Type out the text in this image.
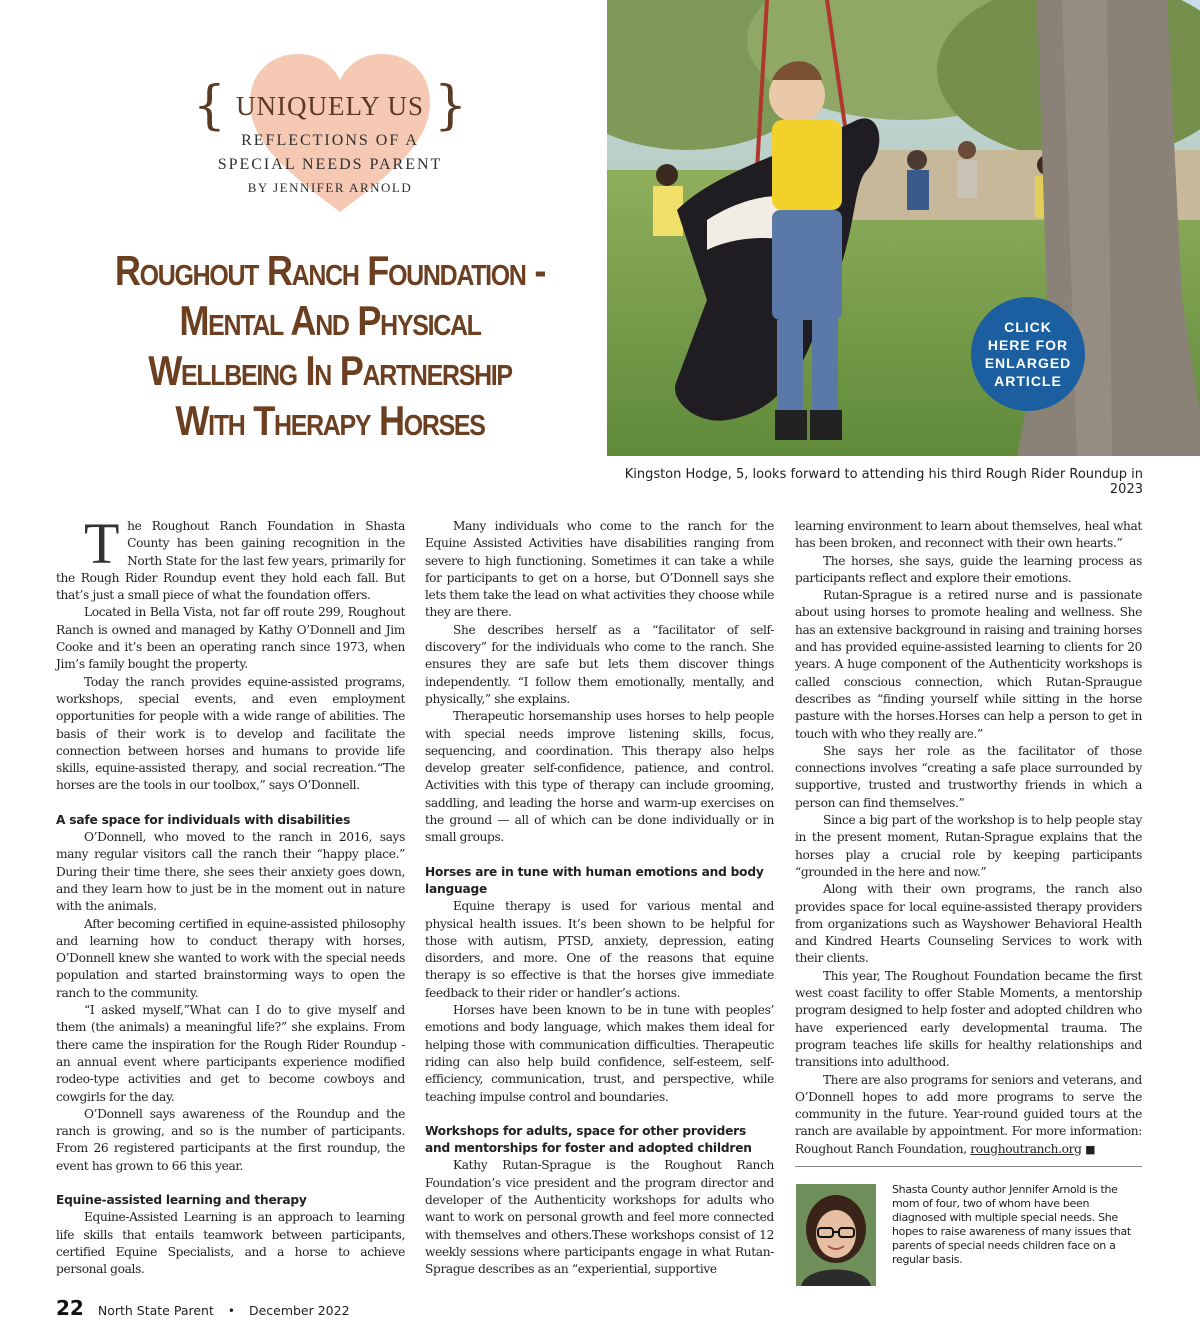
{ UNIQUELY US }
REFLECTIONS OF A
SPECIAL NEEDS PARENT
BY JENNIFER ARNOLD
Roughout Ranch Foundation -
Mental And Physical
Wellbeing In Partnership
With Therapy Horses
CLICK
HERE FOR
ENLARGED
ARTICLE
Kingston Hodge, 5, looks forward to attending his third Rough Rider Roundup in 2023

The Roughout Ranch Foundation in Shasta County has been gaining recognition in the North State for the last few years, primarily for the Rough Rider Roundup event they hold each fall. But that’s just a small piece of what the foundation offers.

Located in Bella Vista, not far off route 299, Roughout Ranch is owned and managed by Kathy O’Donnell and Jim Cooke and it’s been an operating ranch since 1973, when Jim’s family bought the property.

Today the ranch provides equine-assisted programs, workshops, special events, and even employment opportunities for people with a wide range of abilities. The basis of their work is to develop and facilitate the connection between horses and humans to provide life skills, equine-assisted therapy, and social recreation.“The horses are the tools in our toolbox,” says O’Donnell.

A safe space for individuals with disabilities

O’Donnell, who moved to the ranch in 2016, says many regular visitors call the ranch their “happy place.” During their time there, she sees their anxiety goes down, and they learn how to just be in the moment out in nature with the animals.

After becoming certified in equine-assisted philosophy and learning how to conduct therapy with horses, O’Donnell knew she wanted to work with the special needs population and started brainstorming ways to open the ranch to the community.

“I asked myself,”What can I do to give myself and them (the animals) a meaningful life?” she explains. From there came the inspiration for the Rough Rider Roundup - an annual event where participants experience modified rodeo-type activities and get to become cowboys and cowgirls for the day.

O’Donnell says awareness of the Roundup and the ranch is growing, and so is the number of participants. From 26 registered participants at the first roundup, the event has grown to 66 this year.

Equine-assisted learning and therapy

Equine-Assisted Learning is an approach to learning life skills that entails teamwork between participants, certified Equine Specialists, and a horse to achieve personal goals.

Many individuals who come to the ranch for the Equine Assisted Activities have disabilities ranging from severe to high functioning. Sometimes it can take a while for participants to get on a horse, but O’Donnell says she lets them take the lead on what activities they choose while they are there.

She describes herself as a “facilitator of self-discovery” for the individuals who come to the ranch. She ensures they are safe but lets them discover things independently. “I follow them emotionally, mentally, and physically,” she explains.

Therapeutic horsemanship uses horses to help people with special needs improve listening skills, focus, sequencing, and coordination. This therapy also helps develop greater self-confidence, patience, and control. Activities with this type of therapy can include grooming, saddling, and leading the horse and warm-up exercises on the ground — all of which can be done individually or in small groups.

Horses are in tune with human emotions and body language

Equine therapy is used for various mental and physical health issues. It’s been shown to be helpful for those with autism, PTSD, anxiety, depression, eating disorders, and more. One of the reasons that equine therapy is so effective is that the horses give immediate feedback to their rider or handler’s actions.

Horses have been known to be in tune with peoples’ emotions and body language, which makes them ideal for helping those with communication difficulties. Therapeutic riding can also help build confidence, self-esteem, self-efficiency, communication, trust, and perspective, while teaching impulse control and boundaries.

Workshops for adults, space for other providers and mentorships for foster and adopted children

Kathy Rutan-Sprague is the Roughout Ranch Foundation’s vice president and the program director and developer of the Authenticity workshops for adults who want to work on personal growth and feel more connected with themselves and others.These workshops consist of 12 weekly sessions where participants engage in what Rutan-Sprague describes as an “experiential, supportive

learning environment to learn about themselves, heal what has been broken, and reconnect with their own hearts.”

The horses, she says, guide the learning process as participants reflect and explore their emotions.

Rutan-Sprague is a retired nurse and is passionate about using horses to promote healing and wellness. She has an extensive background in raising and training horses and has provided equine-assisted learning to clients for 20 years. A huge component of the Authenticity workshops is called conscious connection, which Rutan-Spraugue describes as “finding yourself while sitting in the horse pasture with the horses.Horses can help a person to get in touch with who they really are.”

She says her role as the facilitator of those connections involves “creating a safe place surrounded by supportive, trusted and trustworthy friends in which a person can find themselves.”

Since a big part of the workshop is to help people stay in the present moment, Rutan-Sprague explains that the horses play a crucial role by keeping participants “grounded in the here and now.”

Along with their own programs, the ranch also provides space for local equine-assisted therapy providers from organizations such as Wayshower Behavioral Health and Kindred Hearts Counseling Services to work with their clients.

This year, The Roughout Foundation became the first west coast facility to offer Stable Moments, a mentorship program designed to help foster and adopted children who have experienced early developmental trauma. The program teaches life skills for healthy relationships and transitions into adulthood.

There are also programs for seniors and veterans, and O’Donnell hopes to add more programs to serve the community in the future. Year-round guided tours at the ranch are available by appointment. For more information: Roughout Ranch Foundation, roughoutranch.org ■

Shasta County author Jennifer Arnold is the mom of four, two of whom have been diagnosed with multiple special needs. She hopes to raise awareness of many issues that parents of special needs children face on a regular basis.
22 North State Parent • December 2022
